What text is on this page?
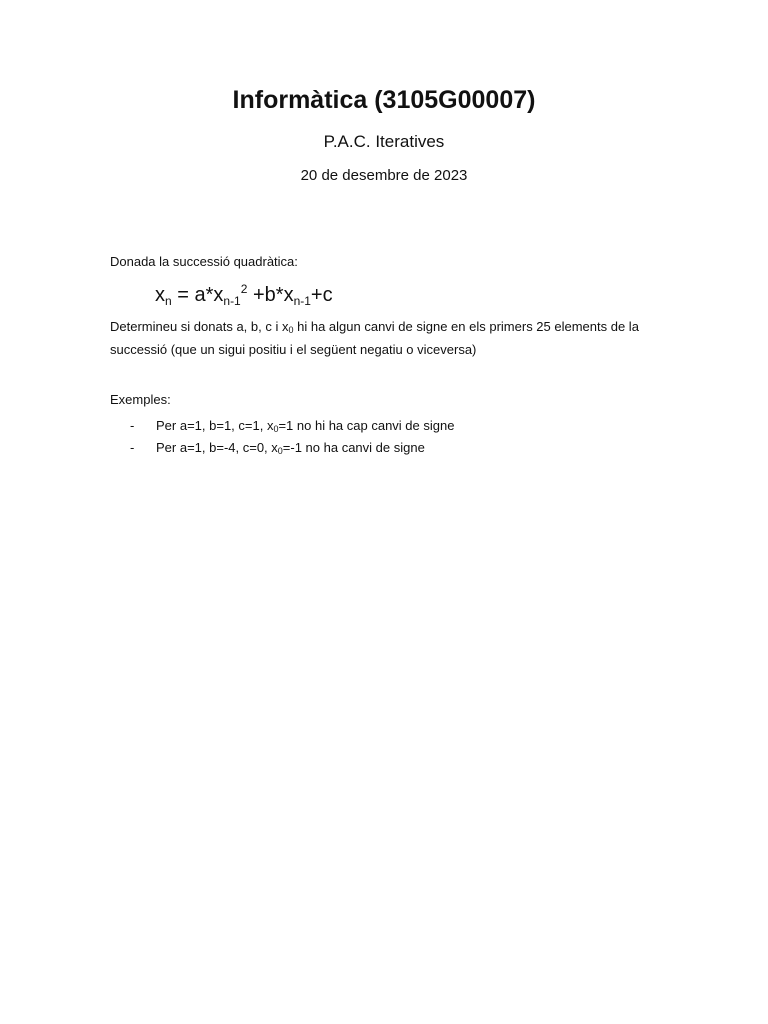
Informàtica (3105G00007)

P.A.C. Iteratives

20 de desembre de 2023

Donada la successió quadràtica:

$x_n = a*x_{n-1}^2 +b*x_{n-1}+c$

Determineu si donats a, b, c i $x_0$ hi ha algun canvi de signe en els primers 25 elements de la successió (que un sigui positiu i el següent negatiu o viceversa)

Exemples:

- Per a=1, b=1, c=1, $x_0=1$ no hi ha cap canvi de signe
- Per a=1, b=-4, c=0, $x_0=-1$ no ha canvi de signe
